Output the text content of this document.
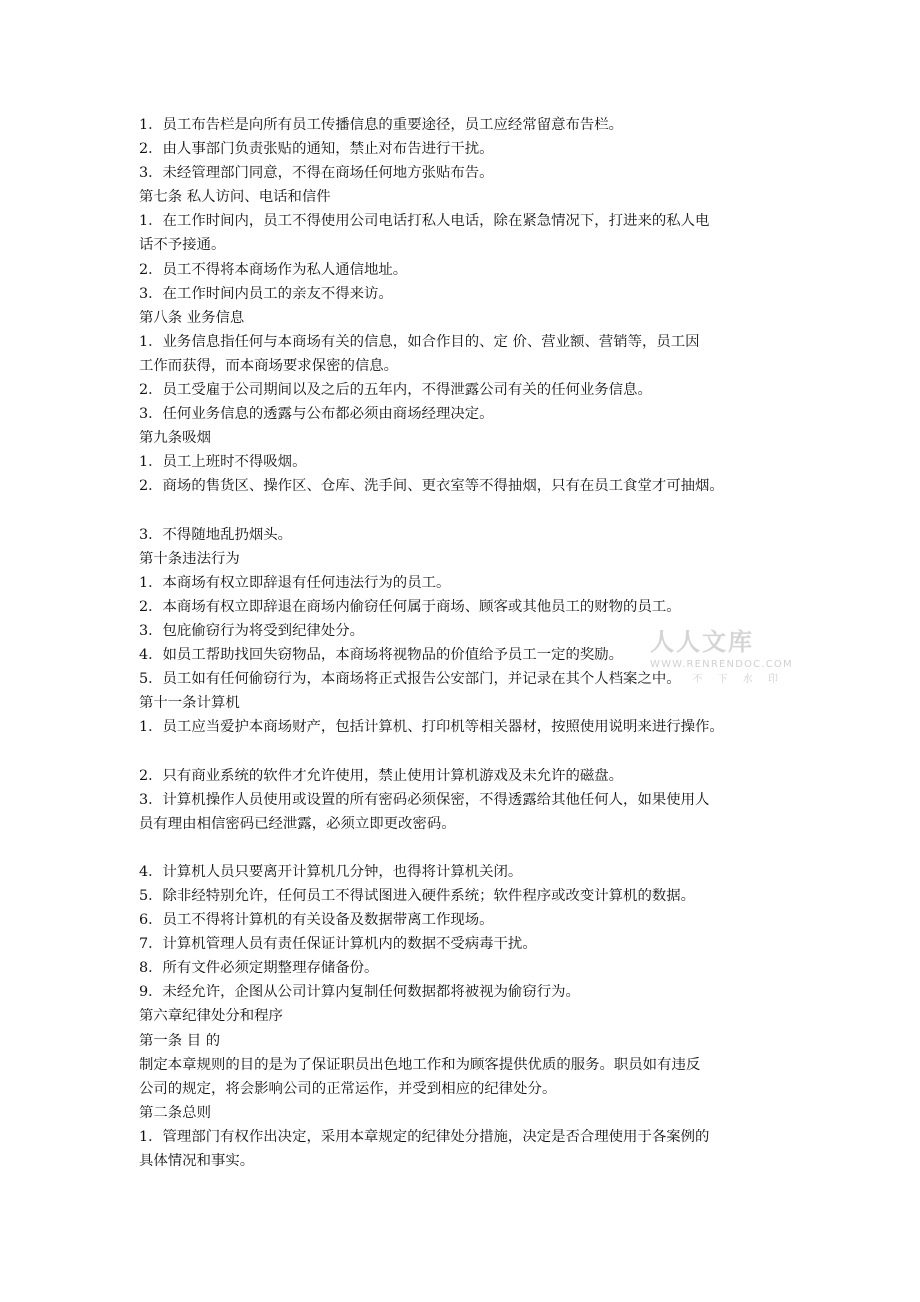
1．员工布告栏是向所有员工传播信息的重要途径，员工应经常留意布告栏。
2．由人事部门负责张贴的通知，禁止对布告进行干扰。
3．未经管理部门同意，不得在商场任何地方张贴布告。
第七条 私人访问、电话和信件
1．在工作时间内，员工不得使用公司电话打私人电话，除在紧急情况下，打进来的私人电
话不予接通。
2．员工不得将本商场作为私人通信地址。
3．在工作时间内员工的亲友不得来访。
第八条 业务信息
1．业务信息指任何与本商场有关的信息，如合作目的、定 价、营业额、营销等，员工因
工作而获得，而本商场要求保密的信息。
2．员工受雇于公司期间以及之后的五年内，不得泄露公司有关的任何业务信息。
3．任何业务信息的透露与公布都必须由商场经理决定。
第九条吸烟
1．员工上班时不得吸烟。
2．商场的售货区、操作区、仓库、洗手间、更衣室等不得抽烟，只有在员工食堂才可抽烟。
3．不得随地乱扔烟头。
第十条违法行为
1．本商场有权立即辞退有任何违法行为的员工。
2．本商场有权立即辞退在商场内偷窃任何属于商场、顾客或其他员工的财物的员工。
3．包庇偷窃行为将受到纪律处分。
4．如员工帮助找回失窃物品，本商场将视物品的价值给予员工一定的奖励。
5．员工如有任何偷窃行为，本商场将正式报告公安部门，并记录在其个人档案之中。
第十一条计算机
1．员工应当爱护本商场财产，包括计算机、打印机等相关器材，按照使用说明来进行操作。
2．只有商业系统的软件才允许使用，禁止使用计算机游戏及未允许的磁盘。
3．计算机操作人员使用或设置的所有密码必须保密，不得透露给其他任何人，如果使用人
员有理由相信密码已经泄露，必须立即更改密码。
4．计算机人员只要离开计算机几分钟，也得将计算机关闭。
5．除非经特别允许，任何员工不得试图进入硬件系统；软件程序或改变计算机的数据。
6．员工不得将计算机的有关设备及数据带离工作现场。
7．计算机管理人员有责任保证计算机内的数据不受病毒干扰。
8．所有文件必须定期整理存储备份。
9．未经允许，企图从公司计算内复制任何数据都将被视为偷窃行为。
第六章纪律处分和程序
第一条 目 的
制定本章规则的目的是为了保证职员出色地工作和为顾客提供优质的服务。职员如有违反
公司的规定，将会影响公司的正常运作，并受到相应的纪律处分。
第二条总则
1．管理部门有权作出决定，采用本章规定的纪律处分措施，决定是否合理使用于各案例的
具体情况和事实。
人人文库
WWW.RENRENDOC.COM
不 下 水 印
